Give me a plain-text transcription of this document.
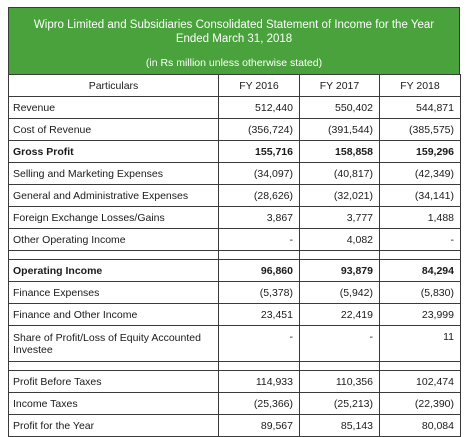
Wipro Limited and Subsidiaries Consolidated Statement of Income for the Year Ended March 31, 2018
(in Rs million unless otherwise stated)
Particulars	FY 2016	FY 2017	FY 2018
Revenue	512,440	550,402	544,871
Cost of Revenue	(356,724)	(391,544)	(385,575)
Gross Profit	155,716	158,858	159,296
Selling and Marketing Expenses	(34,097)	(40,817)	(42,349)
General and Administrative Expenses	(28,626)	(32,021)	(34,141)
Foreign Exchange Losses/Gains	3,867	3,777	1,488
Other Operating Income	-	4,082	-

Operating Income	96,860	93,879	84,294
Finance Expenses	(5,378)	(5,942)	(5,830)
Finance and Other Income	23,451	22,419	23,999
Share of Profit/Loss of Equity Accounted Investee	-	-	11

Profit Before Taxes	114,933	110,356	102,474
Income Taxes	(25,366)	(25,213)	(22,390)
Profit for the Year	89,567	85,143	80,084
